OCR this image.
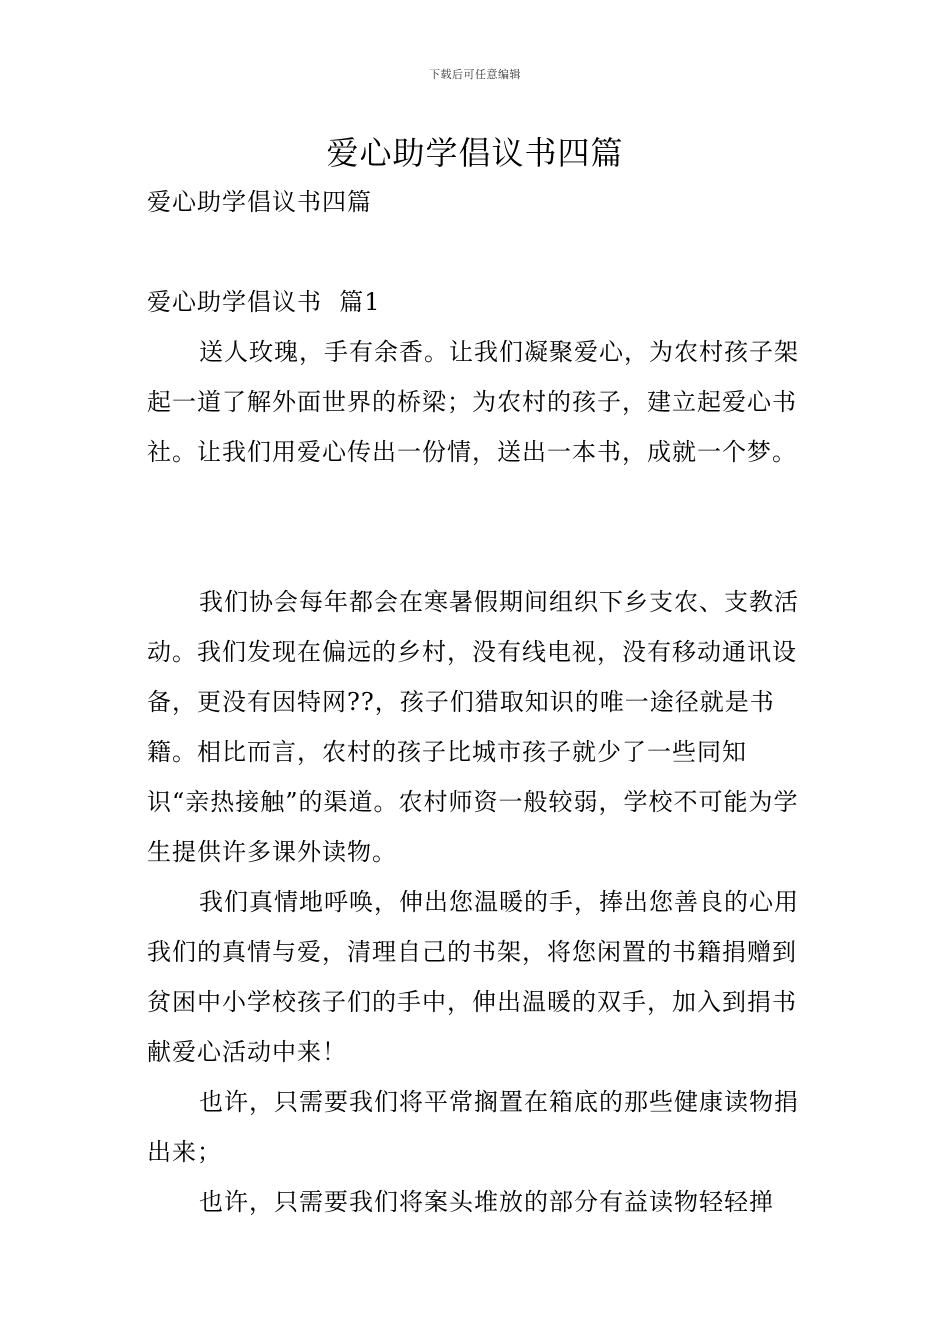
下载后可任意编辑
爱心助学倡议书四篇

爱心助学倡议书四篇

爱心助学倡议书  篇1

送人玫瑰，手有余香。让我们凝聚爱心，为农村孩子架起一道了解外面世界的桥梁；为农村的孩子，建立起爱心书社。让我们用爱心传出一份情，送出一本书，成就一个梦。

我们协会每年都会在寒暑假期间组织下乡支农、支教活动。我们发现在偏远的乡村，没有线电视，没有移动通讯设备，更没有因特网??，孩子们猎取知识的唯一途径就是书籍。相比而言，农村的孩子比城市孩子就少了一些同知识“亲热接触”的渠道。农村师资一般较弱，学校不可能为学生提供许多课外读物。

我们真情地呼唤，伸出您温暖的手，捧出您善良的心用我们的真情与爱，清理自己的书架，将您闲置的书籍捐赠到贫困中小学校孩子们的手中，伸出温暖的双手，加入到捐书献爱心活动中来！

也许，只需要我们将平常搁置在箱底的那些健康读物捐出来；

也许，只需要我们将案头堆放的部分有益读物轻轻掸
